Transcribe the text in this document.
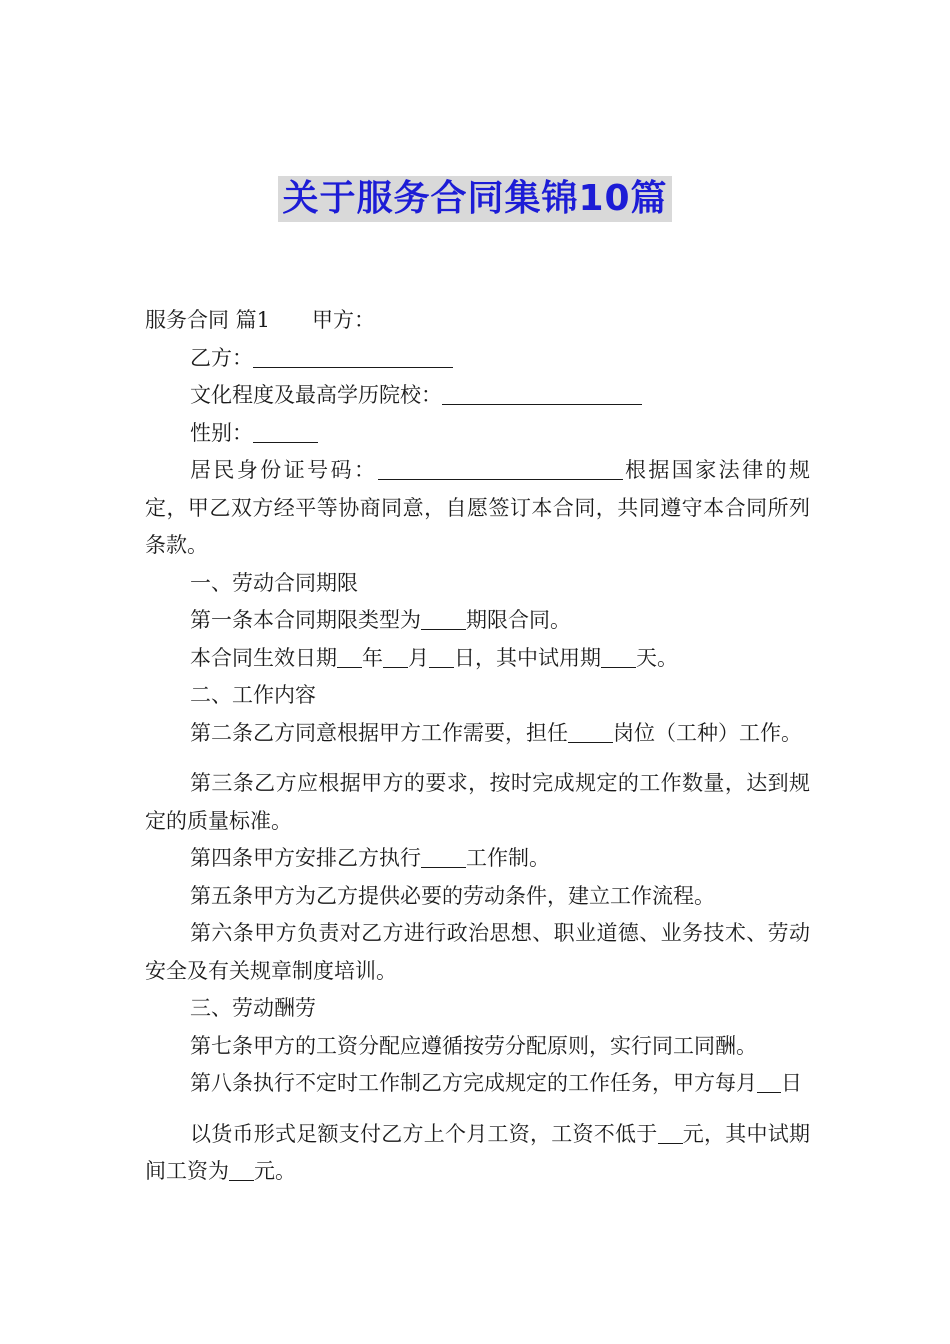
关于服务合同集锦10篇

服务合同 篇1　　甲方：

乙方：

文化程度及最高学历院校：

性别：

居民身份证号码：	根据国家法律的规定，甲乙双方经平等协商同意，自愿签订本合同，共同遵守本合同所列条款。

一、劳动合同期限

第一条本合同期限类型为 期限合同。

本合同生效日期 年 月 日，其中试用期 天。

二、工作内容

第二条乙方同意根据甲方工作需要，担任 岗位（工种）工作。

第三条乙方应根据甲方的要求，按时完成规定的工作数量，达到规定的质量标准。

第四条甲方安排乙方执行 工作制。

第五条甲方为乙方提供必要的劳动条件，建立工作流程。

第六条甲方负责对乙方进行政治思想、职业道德、业务技术、劳动安全及有关规章制度培训。

三、劳动酬劳

第七条甲方的工资分配应遵循按劳分配原则，实行同工同酬。

第八条执行不定时工作制乙方完成规定的工作任务，甲方每月 日

以货币形式足额支付乙方上个月工资，工资不低于 元，其中试期间工资为 元。
